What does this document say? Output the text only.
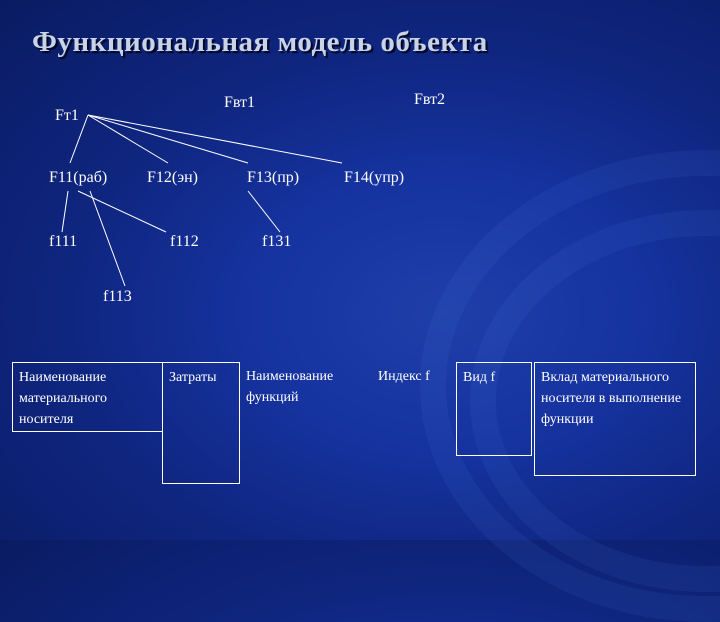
Функциональная модель объекта
Fт1
Fвт1	Fвт2
F11(раб) F12(эн)	F13(пр)	F14(упр)
f111	f112	f131
f113
Наименование материального носителя
Затраты	Наименование функций
Индекс f	Вид f	Вклад материального носителя в выполнение функции
